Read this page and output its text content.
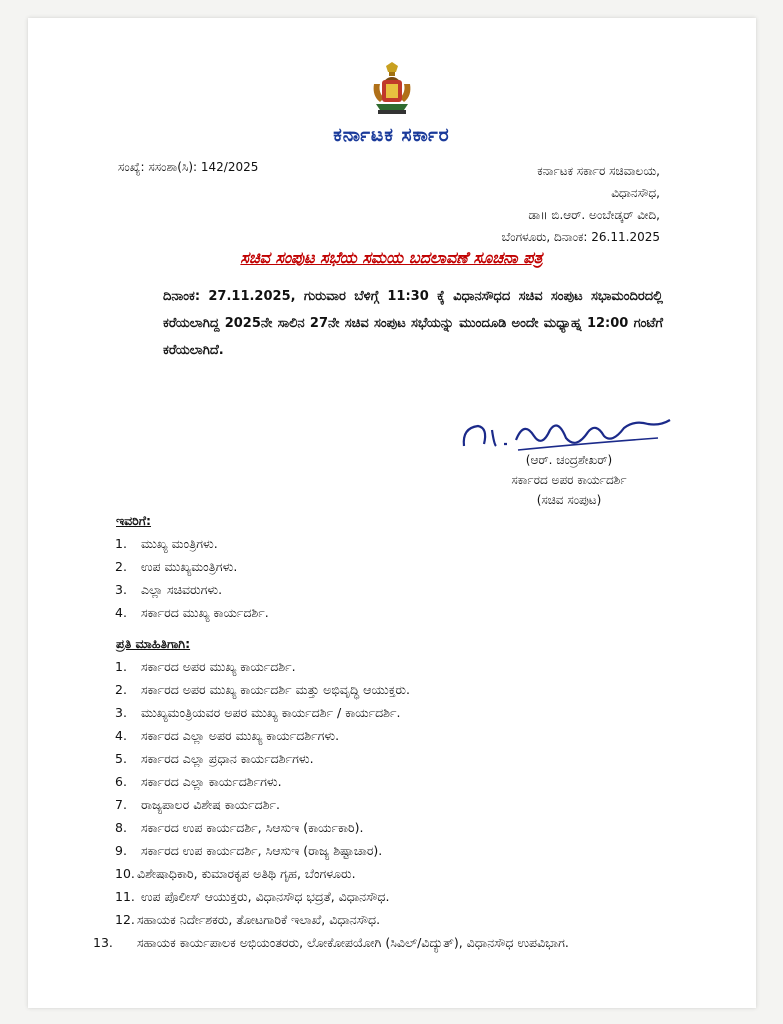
ಕರ್ನಾಟಕ ಸರ್ಕಾರ
ಸಂಖ್ಯೆ: ಸಸಂಶಾ(ಸಿ): 142/2025	ಕರ್ನಾಟಕ ಸರ್ಕಾರ ಸಚಿವಾಲಯ,
ವಿಧಾನಸೌಧ,
ಡಾ॥ ಬಿ.ಆರ್. ಅಂಬೇಡ್ಕರ್ ವೀದಿ,
ಬೆಂಗಳೂರು, ದಿನಾಂಕ: 26.11.2025
ಸಚಿವ ಸಂಪುಟ ಸಭೆಯ ಸಮಯ ಬದಲಾವಣೆ ಸೂಚನಾ ಪತ್ರ
ದಿನಾಂಕ: 27.11.2025, ಗುರುವಾರ ಬೆಳಿಗ್ಗೆ 11:30 ಕ್ಕೆ ವಿಧಾನಸೌಧದ ಸಚಿವ ಸಂಪುಟ ಸಭಾಮಂದಿರದಲ್ಲಿ ಕರೆಯಲಾಗಿದ್ದ 2025ನೇ ಸಾಲಿನ 27ನೇ ಸಚಿವ ಸಂಪುಟ ಸಭೆಯನ್ನು ಮುಂದೂಡಿ ಅಂದೇ ಮಧ್ಯಾಹ್ನ 12:00 ಗಂಟೆಗೆ ಕರೆಯಲಾಗಿದೆ.
(ಆರ್. ಚಂದ್ರಶೇಖರ್)
ಸರ್ಕಾರದ ಅಪರ ಕಾರ್ಯದರ್ಶಿ
(ಸಚಿವ ಸಂಪುಟ)
ಇವರಿಗೆ:
1. ಮುಖ್ಯ ಮಂತ್ರಿಗಳು.
2. ಉಪ ಮುಖ್ಯಮಂತ್ರಿಗಳು.
3. ಎಲ್ಲಾ ಸಚಿವರುಗಳು.
4. ಸರ್ಕಾರದ ಮುಖ್ಯ ಕಾರ್ಯದರ್ಶಿ.
ಪ್ರತಿ ಮಾಹಿತಿಗಾಗಿ:
1. ಸರ್ಕಾರದ ಅಪರ ಮುಖ್ಯ ಕಾರ್ಯದರ್ಶಿ.
2. ಸರ್ಕಾರದ ಅಪರ ಮುಖ್ಯ ಕಾರ್ಯದರ್ಶಿ ಮತ್ತು ಅಭಿವೃದ್ಧಿ ಆಯುಕ್ತರು.
3. ಮುಖ್ಯಮಂತ್ರಿಯವರ ಅಪರ ಮುಖ್ಯ ಕಾರ್ಯದರ್ಶಿ / ಕಾರ್ಯದರ್ಶಿ.
4. ಸರ್ಕಾರದ ಎಲ್ಲಾ ಅಪರ ಮುಖ್ಯ ಕಾರ್ಯದರ್ಶಿಗಳು.
5. ಸರ್ಕಾರದ ಎಲ್ಲಾ ಪ್ರಧಾನ ಕಾರ್ಯದರ್ಶಿಗಳು.
6. ಸರ್ಕಾರದ ಎಲ್ಲಾ ಕಾರ್ಯದರ್ಶಿಗಳು.
7. ರಾಜ್ಯಪಾಲರ ವಿಶೇಷ ಕಾರ್ಯದರ್ಶಿ.
8. ಸರ್ಕಾರದ ಉಪ ಕಾರ್ಯದರ್ಶಿ, ಸಿಆಸುಇ (ಕಾರ್ಯಕಾರಿ).
9. ಸರ್ಕಾರದ ಉಪ ಕಾರ್ಯದರ್ಶಿ, ಸಿಆಸುಇ (ರಾಜ್ಯ ಶಿಷ್ಟಾಚಾರ).
10. ವಿಶೇಷಾಧಿಕಾರಿ, ಕುಮಾರಕೃಪ ಅತಿಥಿ ಗೃಹ, ಬೆಂಗಳೂರು.
11. ಉಪ ಪೊಲೀಸ್ ಆಯುಕ್ತರು, ವಿಧಾನಸೌಧ ಭದ್ರತೆ, ವಿಧಾನಸೌಧ.
12. ಸಹಾಯಕ ನಿರ್ದೇಶಕರು, ತೋಟಗಾರಿಕೆ ಇಲಾಖೆ, ವಿಧಾನಸೌಧ.
13. ಸಹಾಯಕ ಕಾರ್ಯಪಾಲಕ ಅಭಿಯಂತರರು, ಲೋಕೋಪಯೋಗಿ (ಸಿವಿಲ್/ವಿದ್ಯುತ್), ವಿಧಾನಸೌಧ ಉಪವಿಭಾಗ.
